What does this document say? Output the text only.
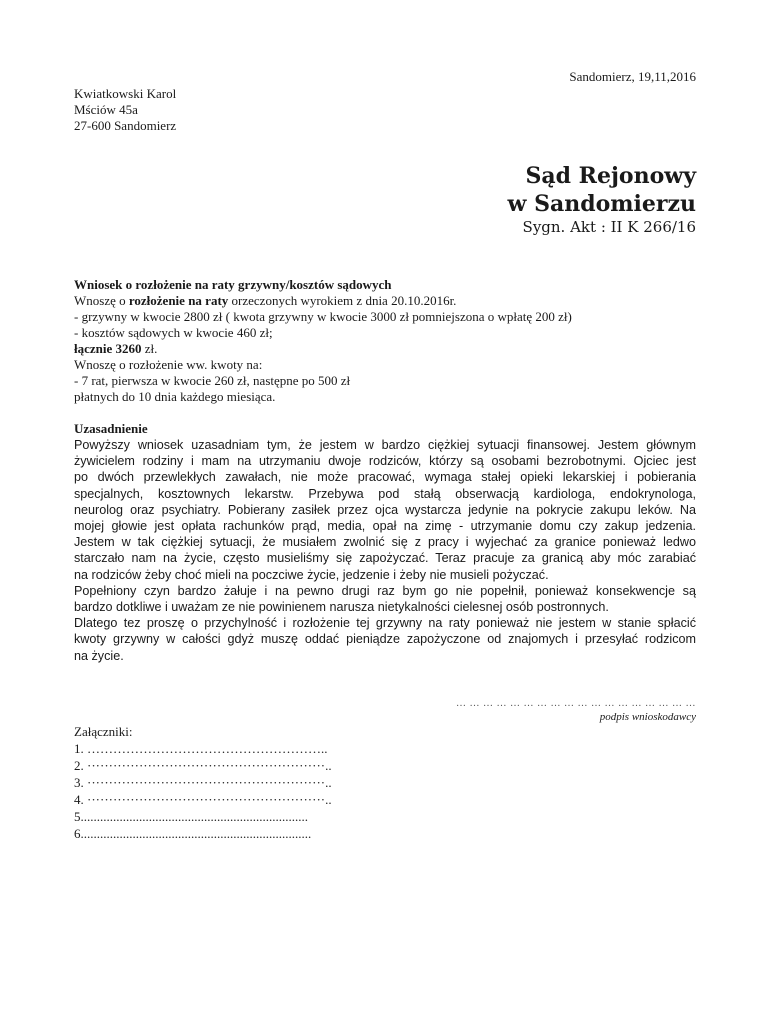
Sandomierz, 19,11,2016
Kwiatkowski Karol
Mściów 45a
27-600 Sandomierz
Sąd Rejonowy
w Sandomierzu
Sygn. Akt : II K 266/16
Wniosek o rozłożenie na raty grzywny/kosztów sądowych
Wnoszę o rozłożenie na raty orzeczonych wyrokiem z dnia 20.10.2016r.
- grzywny w kwocie 2800 zł ( kwota grzywny w kwocie 3000 zł pomniejszona o wpłatę 200 zł)
- kosztów sądowych w kwocie 460 zł;
łącznie 3260 zł.
Wnoszę o rozłożenie ww. kwoty na:
- 7 rat, pierwsza w kwocie 260 zł, następne po 500 zł
płatnych do 10 dnia każdego miesiąca.
Uzasadnienie
Powyższy wniosek uzasadniam tym, że jestem w bardzo ciężkiej sytuacji finansowej. Jestem głównym
żywicielem rodziny i mam na utrzymaniu dwoje rodziców, którzy są osobami bezrobotnymi. Ojciec jest
po dwóch przewlekłych zawałach, nie może pracować, wymaga stałej opieki lekarskiej i pobierania
specjalnych, kosztownych lekarstw. Przebywa pod stałą obserwacją kardiologa, endokrynologa,
neurolog oraz psychiatry. Pobierany zasiłek przez ojca wystarcza jedynie na pokrycie zakupu leków. Na
mojej głowie jest opłata rachunków prąd, media, opał na zimę - utrzymanie domu czy zakup jedzenia.
Jestem w tak ciężkiej sytuacji, że musiałem zwolnić się z pracy i wyjechać za granice ponieważ ledwo
starczało nam na życie, często musieliśmy się zapożyczać. Teraz pracuje za granicą aby móc zarabiać
na rodziców żeby choć mieli na poczciwe życie, jedzenie i żeby nie musieli pożyczać.
Popełniony czyn bardzo żałuje i na pewno drugi raz bym go nie popełnił, ponieważ konsekwencje są
bardzo dotkliwe i uważam ze nie powinienem narusza nietykalności cielesnej osób postronnych.
Dlatego tez proszę o przychylność i rozłożenie tej grzywny na raty ponieważ nie jestem w stanie spłacić
kwoty grzywny w całości gdyż muszę oddać pieniądze zapożyczone od znajomych i przesyłać rodzicom
na życie.
… … … … … … … … … … … … … … … … … …
podpis wnioskodawcy
Załączniki:
1. ………………………………………………..
2. ·······················································..
3. ·······················································..
4. ·······················································..
5......................................................................
6.......................................................................
